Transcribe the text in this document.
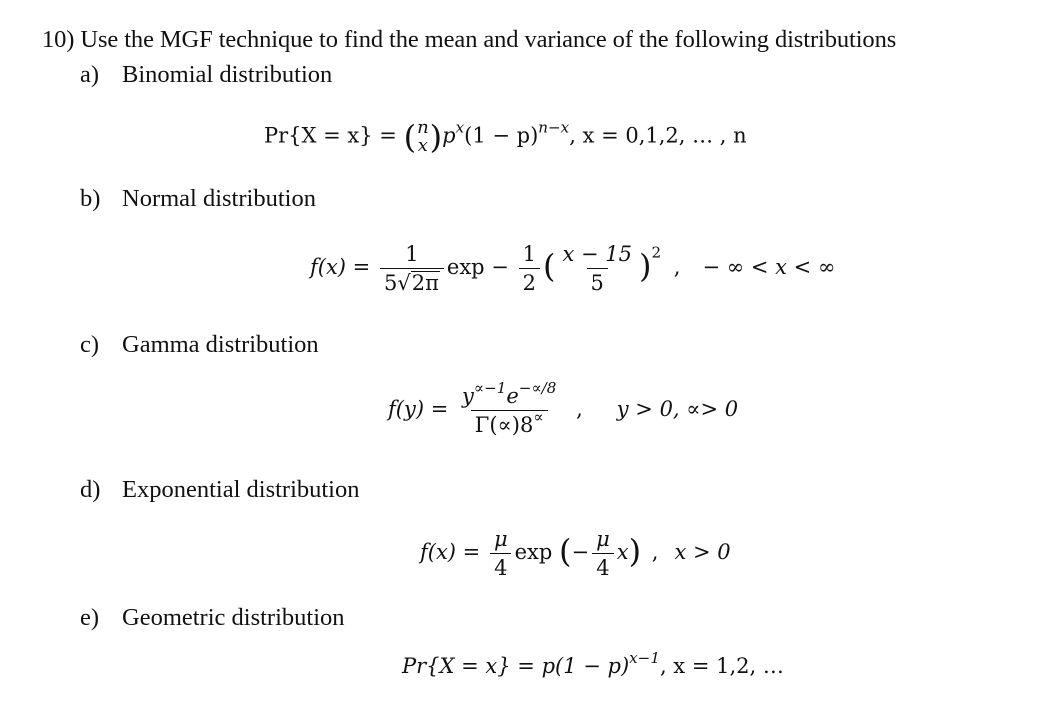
10) Use the MGF technique to find the mean and variance of the following distributions
a) Binomial distribution
Pr{X = x} = ( n
x ) $p^x(1 - p)^{n-x}$, x = 0,1,2, … , n
b) Normal distribution
$f(x) = \frac{1}{5√2\pi}$ $\exp - \frac{1}{2}$ ( $\frac{x - 15}{5} )^2$ , − ∞ < x < ∞
c) Gamma distribution
$f(y) = \frac{y^{\propto-1}e^{-\propto/8}}{\Gamma(\propto)8^\propto}$ , y > 0, ∝> 0
d) Exponential distribution
$f(x) = \frac{\mu}{4}$ exp (− $\frac{\mu}{4} x$) , x > 0
e) Geometric distribution
$Pr\{X = x\} = p(1 - p)^{x-1}$, x = 1,2, …
